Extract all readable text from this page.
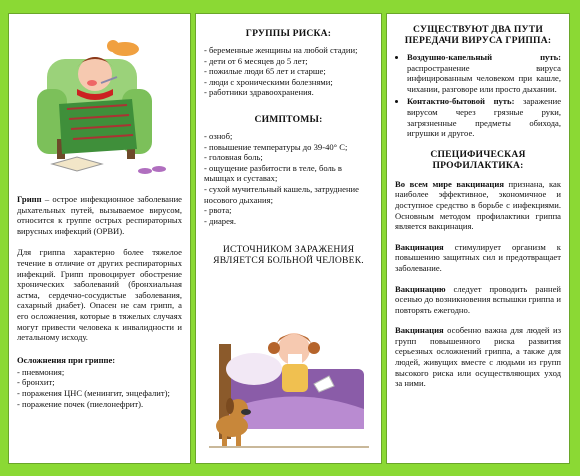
Грипп – острое инфекционное заболевание дыхательных путей, вызываемое вирусом, относится к группе острых респираторных вирусных инфекций (ОРВИ).

Для гриппа характерно более тяжелое течение в отличие от других респираторных инфекций. Грипп провоцирует обострение хронических заболеваний (бронхиальная астма, сердечно-сосудистые заболевания, сахарный диабет). Опасен не сам грипп, а его осложнения, которые в тяжелых случаях могут привести человека к инвалидности и летальному исходу.

Осложнения при гриппе:

- пневмония;
- бронхит;
- поражения ЦНС (менингит, энцефалит);
- поражение почек (пиелонефрит).
ГРУППЫ РИСКА:
- беременные женщины на любой стадии;
- дети от 6 месяцев до 5 лет;
- пожилые люди 65 лет и старше;
- люди с хроническими болезнями;
- работники здравоохранения.
СИМПТОМЫ:
- озноб;
- повышение температуры до 39-40° С;
- головная боль;
- ощущение разбитости в теле, боль в мышцах и суставах;
- сухой мучительный кашель, затруднение носового дыхания;
- рвота;
- диарея.
ИСТОЧНИКОМ ЗАРАЖЕНИЯ ЯВЛЯЕТСЯ БОЛЬНОЙ ЧЕЛОВЕК.
СУЩЕСТВУЮТ ДВА ПУТИ ПЕРЕДАЧИ ВИРУСА ГРИППА:
• Воздушно-капельный путь: распространение вируса инфицированным человеком при кашле, чихании, разговоре или просто дыхании.
• Контактно-бытовой путь: заражение вирусом через грязные руки, загрязненные предметы обихода, игрушки и другое.
СПЕЦИФИЧЕСКАЯ ПРОФИЛАКТИКА:

Во всем мире вакцинация признана, как наиболее эффективное, экономичное и доступное средство в борьбе с инфекциями. Основным методом профилактики гриппа является вакцинация.

Вакцинация стимулирует организм к повышению защитных сил и предотвращает заболевание.

Вакцинацию следует проводить ранней осенью до возникновения вспышки гриппа и повторять ежегодно.

Вакцинация особенно важна для людей из групп повышенного риска развития серьезных осложнений гриппа, а также для людей, живущих вместе с людьми из групп высокого риска или осуществляющих уход за ними.
